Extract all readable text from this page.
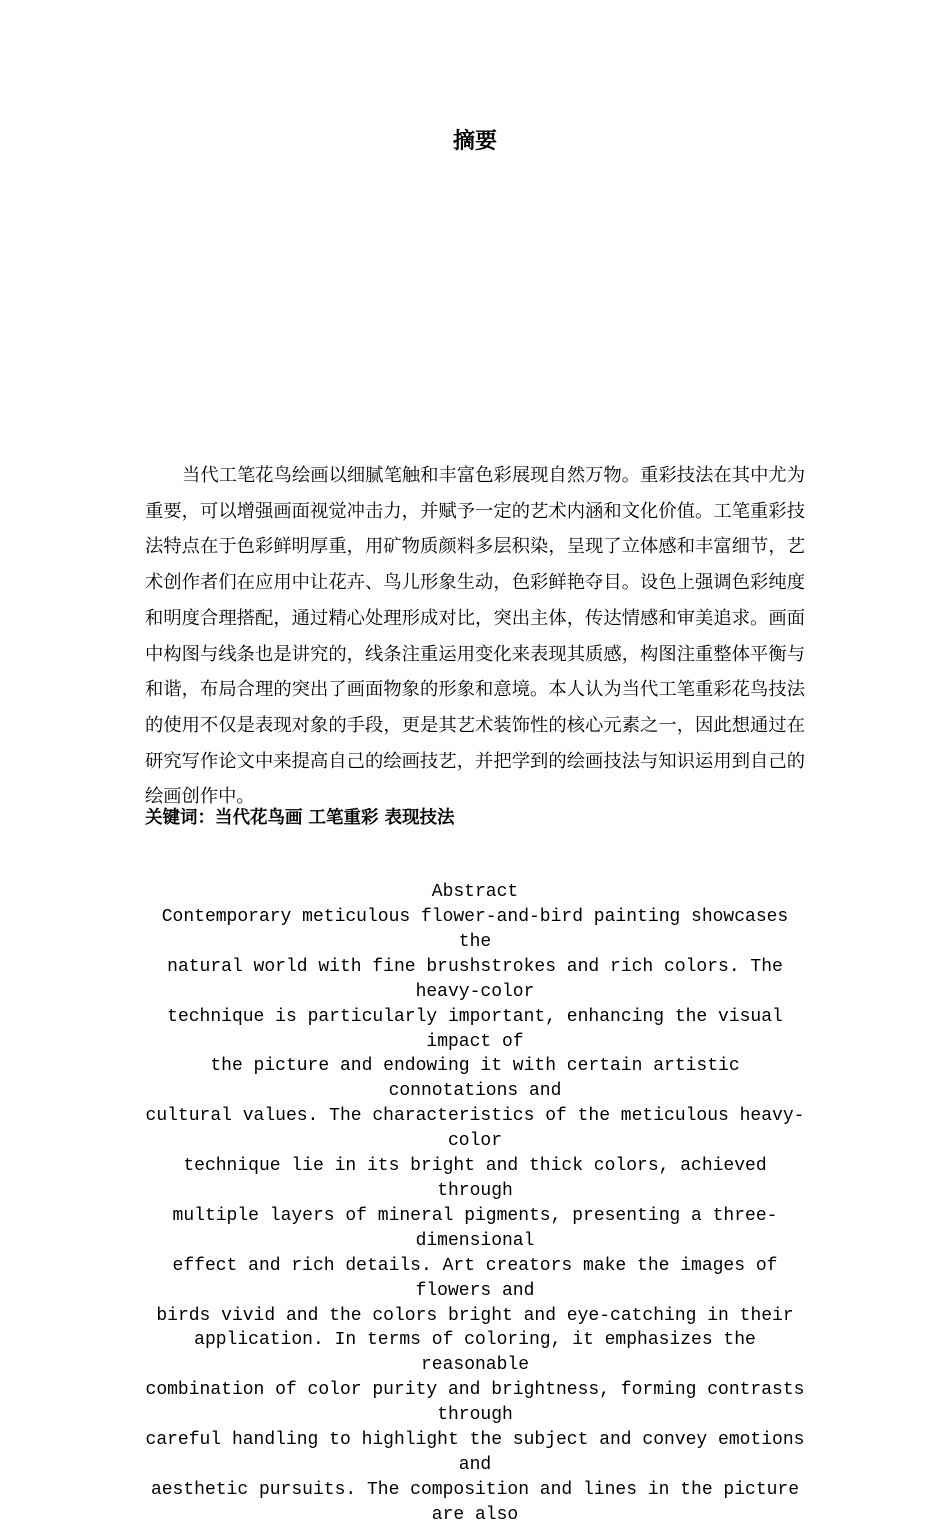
摘要

当代工笔花鸟绘画以细腻笔触和丰富色彩展现自然万物。重彩技法在其中尤为重要，可以增强画面视觉冲击力，并赋予一定的艺术内涵和文化价值。工笔重彩技法特点在于色彩鲜明厚重，用矿物质颜料多层积染，呈现了立体感和丰富细节，艺术创作者们在应用中让花卉、鸟儿形象生动，色彩鲜艳夺目。设色上强调色彩纯度和明度合理搭配，通过精心处理形成对比，突出主体，传达情感和审美追求。画面中构图与线条也是讲究的，线条注重运用变化来表现其质感，构图注重整体平衡与和谐，布局合理的突出了画面物象的形象和意境。本人认为当代工笔重彩花鸟技法的使用不仅是表现对象的手段，更是其艺术装饰性的核心元素之一，因此想通过在研究写作论文中来提高自己的绘画技艺，并把学到的绘画技法与知识运用到自己的绘画创作中。

关键词：当代花鸟画 工笔重彩 表现技法
Abstract
Contemporary meticulous flower-and-bird painting showcases the
natural world with fine brushstrokes and rich colors. The heavy-color
technique is particularly important, enhancing the visual impact of
the picture and endowing it with certain artistic connotations and
cultural values. The characteristics of the meticulous heavy-color
technique lie in its bright and thick colors, achieved through
multiple layers of mineral pigments, presenting a three-dimensional
effect and rich details. Art creators make the images of flowers and
birds vivid and the colors bright and eye-catching in their
application. In terms of coloring, it emphasizes the reasonable
combination of color purity and brightness, forming contrasts through
careful handling to highlight the subject and convey emotions and
aesthetic pursuits. The composition and lines in the picture are also
